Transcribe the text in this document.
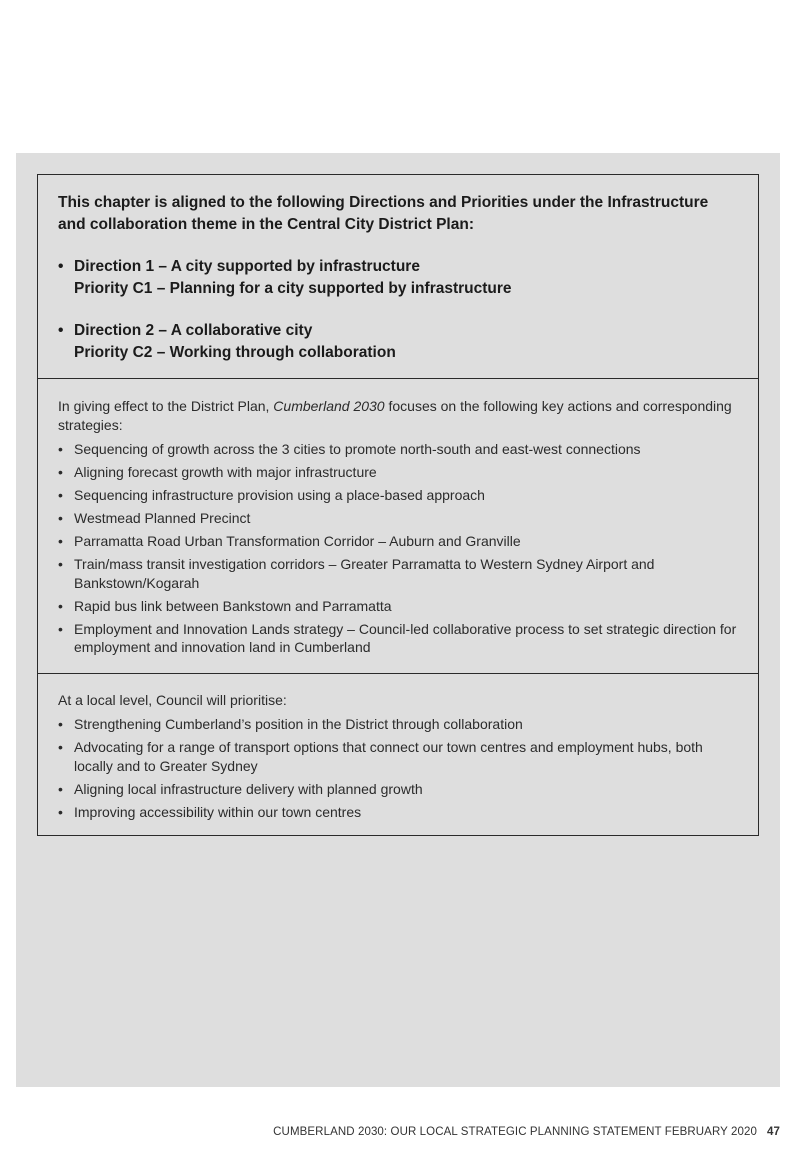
This chapter is aligned to the following Directions and Priorities under the Infrastructure and collaboration theme in the Central City District Plan:

• Direction 1 – A city supported by infrastructure
Priority C1 – Planning for a city supported by infrastructure
• Direction 2 – A collaborative city
Priority C2 – Working through collaboration

In giving effect to the District Plan, Cumberland 2030 focuses on the following key actions and corresponding strategies:

• Sequencing of growth across the 3 cities to promote north-south and east-west connections
• Aligning forecast growth with major infrastructure
• Sequencing infrastructure provision using a place-based approach
• Westmead Planned Precinct
• Parramatta Road Urban Transformation Corridor – Auburn and Granville
• Train/mass transit investigation corridors – Greater Parramatta to Western Sydney Airport and Bankstown/Kogarah
• Rapid bus link between Bankstown and Parramatta
• Employment and Innovation Lands strategy – Council-led collaborative process to set strategic direction for employment and innovation land in Cumberland

At a local level, Council will prioritise:

• Strengthening Cumberland’s position in the District through collaboration
• Advocating for a range of transport options that connect our town centres and employment hubs, both locally and to Greater Sydney
• Aligning local infrastructure delivery with planned growth
• Improving accessibility within our town centres
CUMBERLAND 2030: OUR LOCAL STRATEGIC PLANNING STATEMENT FEBRUARY 2020 47
